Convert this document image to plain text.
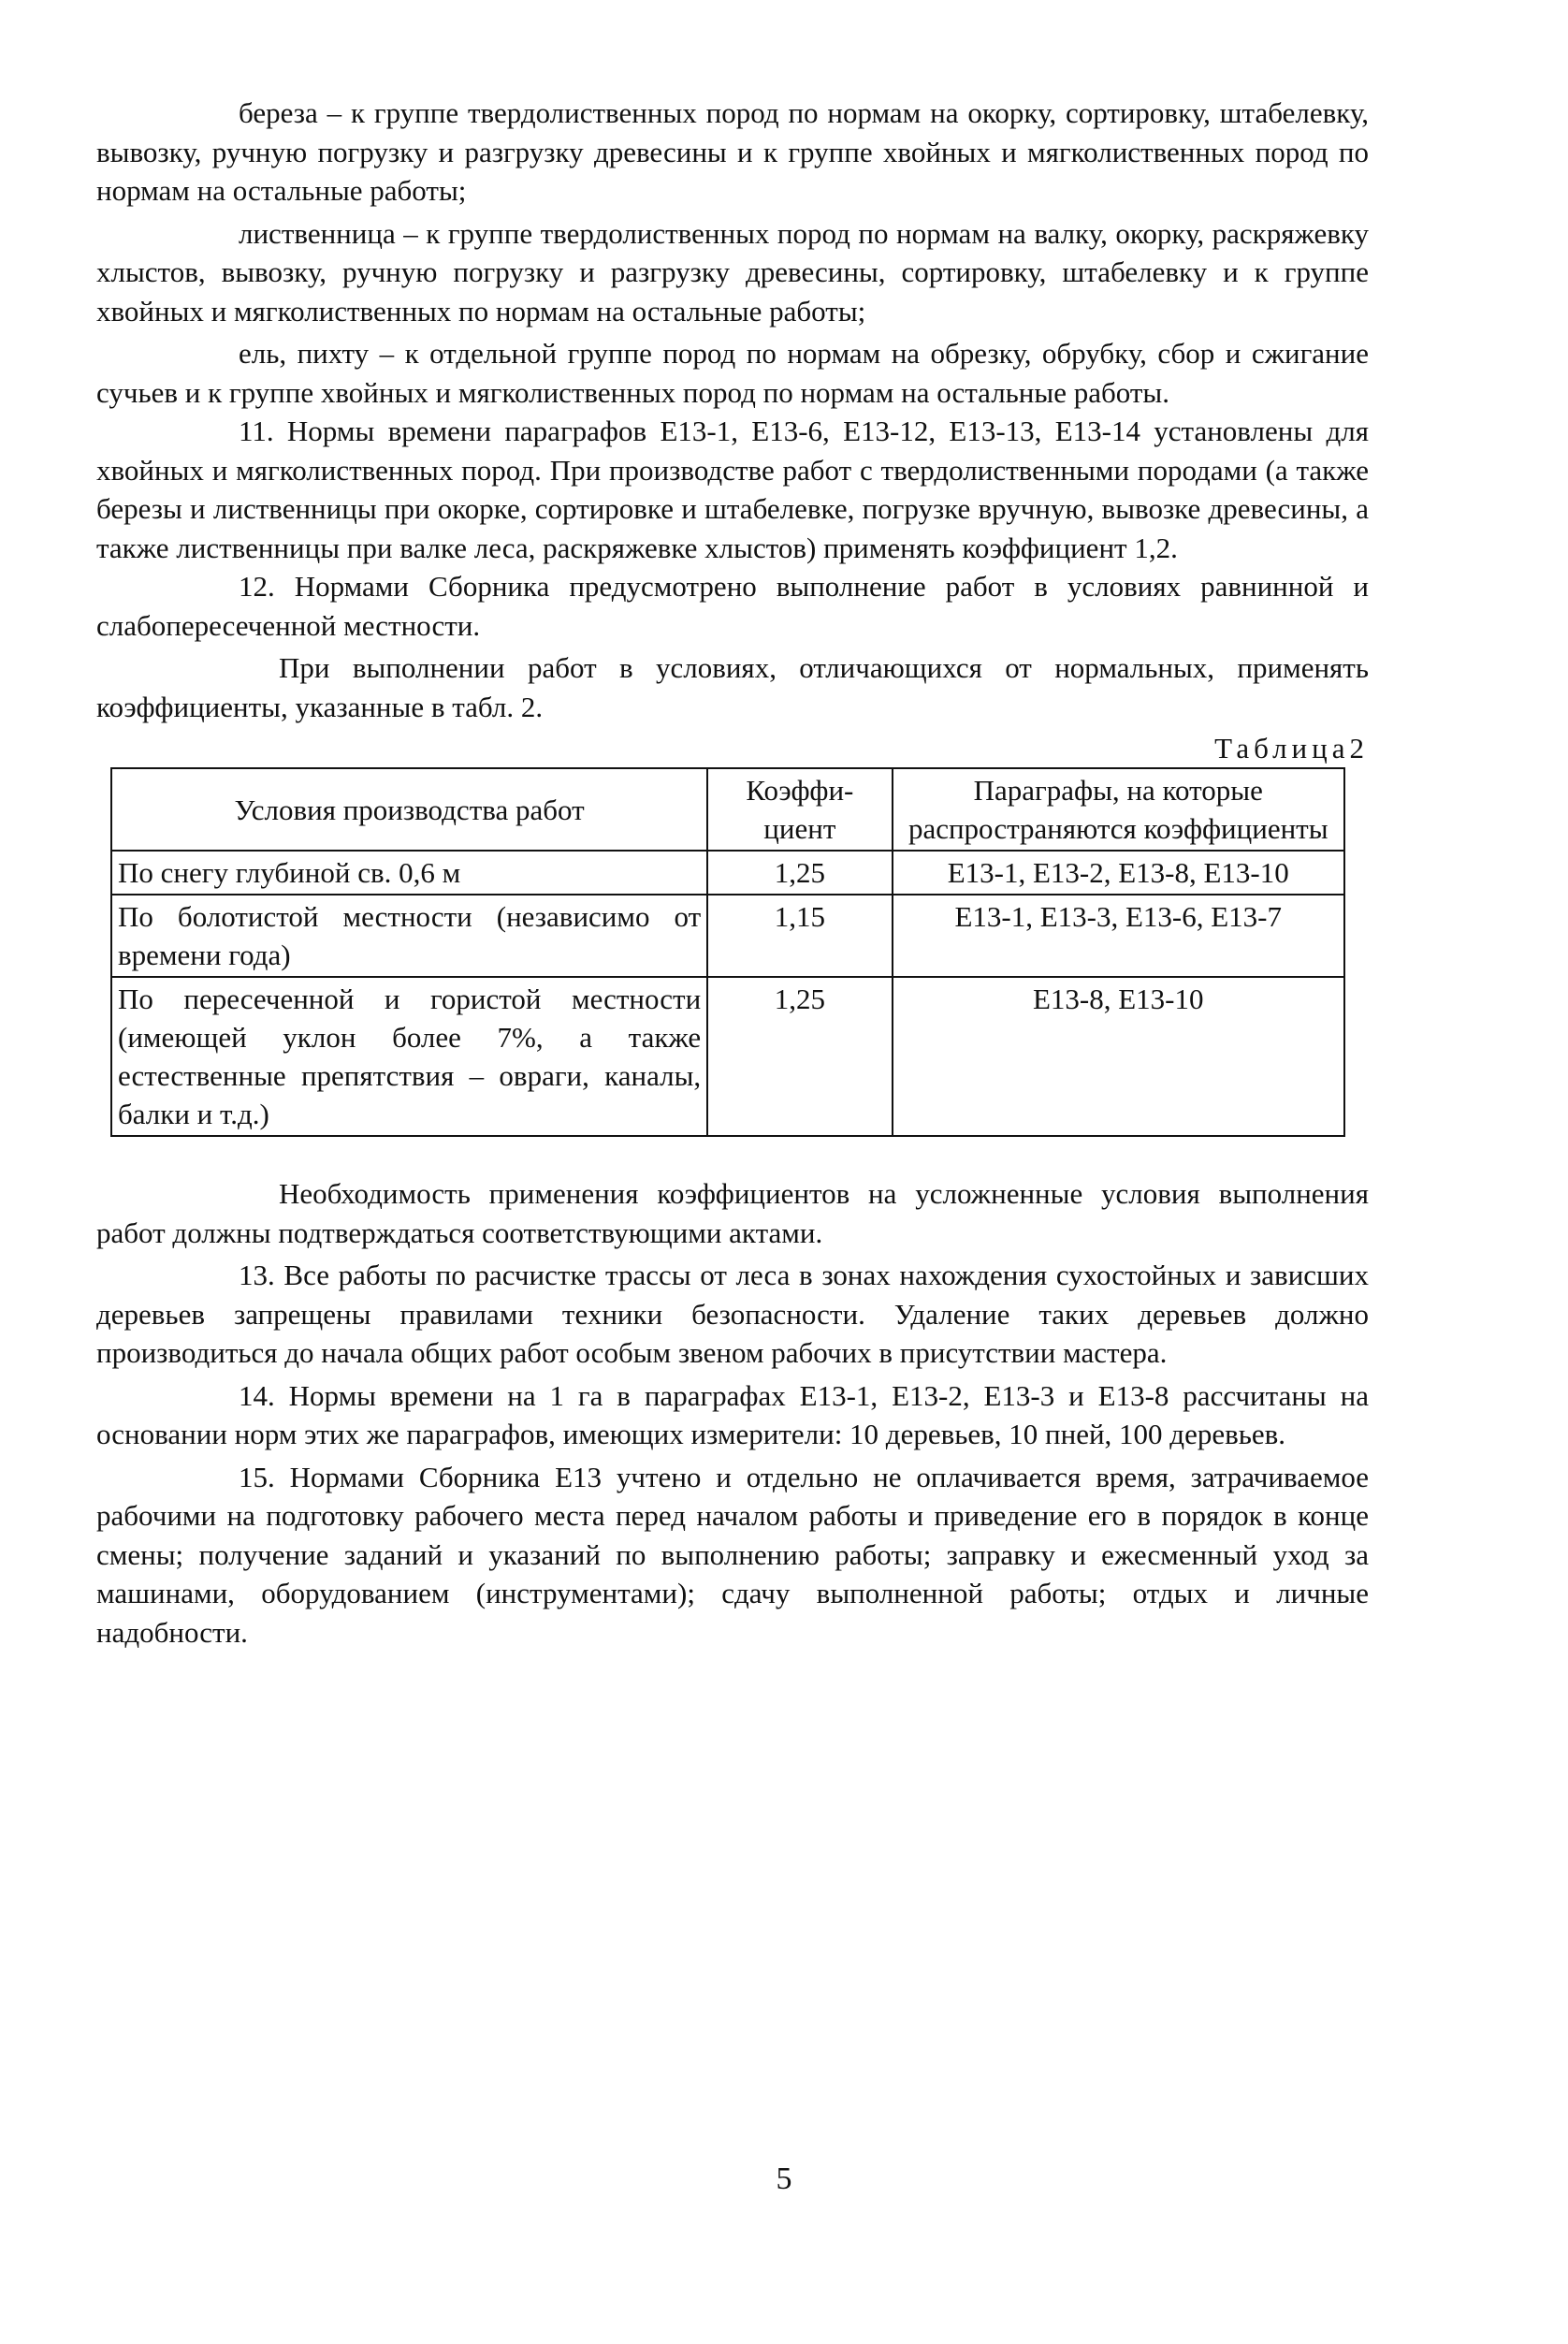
береза – к группе твердолиственных пород по нормам на окорку, сортировку, штабелевку, вывозку, ручную погрузку и разгрузку древесины и к группе хвойных и мягколиственных пород по нормам на остальные работы;

лиственница – к группе твердолиственных пород по нормам на валку, окорку, раскряжевку хлыстов, вывозку, ручную погрузку и разгрузку древесины, сортировку, штабелевку и к группе хвойных и мягколиственных по нормам на остальные работы;

ель, пихту – к отдельной группе пород по нормам на обрезку, обрубку, сбор и сжигание сучьев и к группе хвойных и мягколиственных пород по нормам на остальные работы.

11. Нормы времени параграфов Е13-1, Е13-6, Е13-12, Е13-13, Е13-14 установлены для хвойных и мягколиственных пород. При производстве работ с твердолиственными породами (а также березы и лиственницы при окорке, сортировке и штабелевке, погрузке вручную, вывозке древесины, а также лиственницы при валке леса, раскряжевке хлыстов) применять коэффициент 1,2.

12. Нормами Сборника предусмотрено выполнение работ в условиях равнинной и слабопересеченной местности.

При выполнении работ в условиях, отличающихся от нормальных, применять коэффициенты, указанные в табл. 2.

Таблица2
Условия производства работ	Коэффи-циент	Параграфы, на которые распространяются коэффициенты
По снегу глубиной св. 0,6 м	1,25	Е13-1, Е13-2, Е13-8, Е13-10
По болотистой местности (независимо от времени года)	1,15	Е13-1, Е13-3, Е13-6, Е13-7
По пересеченной и гористой местности (имеющей уклон более 7%, а также естественные препятствия – овраги, каналы, балки и т.д.)	1,25	Е13-8, Е13-10

Необходимость применения коэффициентов на усложненные условия выполнения работ должны подтверждаться соответствующими актами.

13. Все работы по расчистке трассы от леса в зонах нахождения сухостойных и зависших деревьев запрещены правилами техники безопасности. Удаление таких деревьев должно производиться до начала общих работ особым звеном рабочих в присутствии мастера.

14. Нормы времени на 1 га в параграфах Е13-1, Е13-2, Е13-3 и Е13-8 рассчитаны на основании норм этих же параграфов, имеющих измерители: 10 деревьев, 10 пней, 100 деревьев.

15. Нормами Сборника Е13 учтено и отдельно не оплачивается время, затрачиваемое рабочими на подготовку рабочего места перед началом работы и приведение его в порядок в конце смены; получение заданий и указаний по выполнению работы; заправку и ежесменный уход за машинами, оборудованием (инструментами); сдачу выполненной работы; отдых и личные надобности.

5
